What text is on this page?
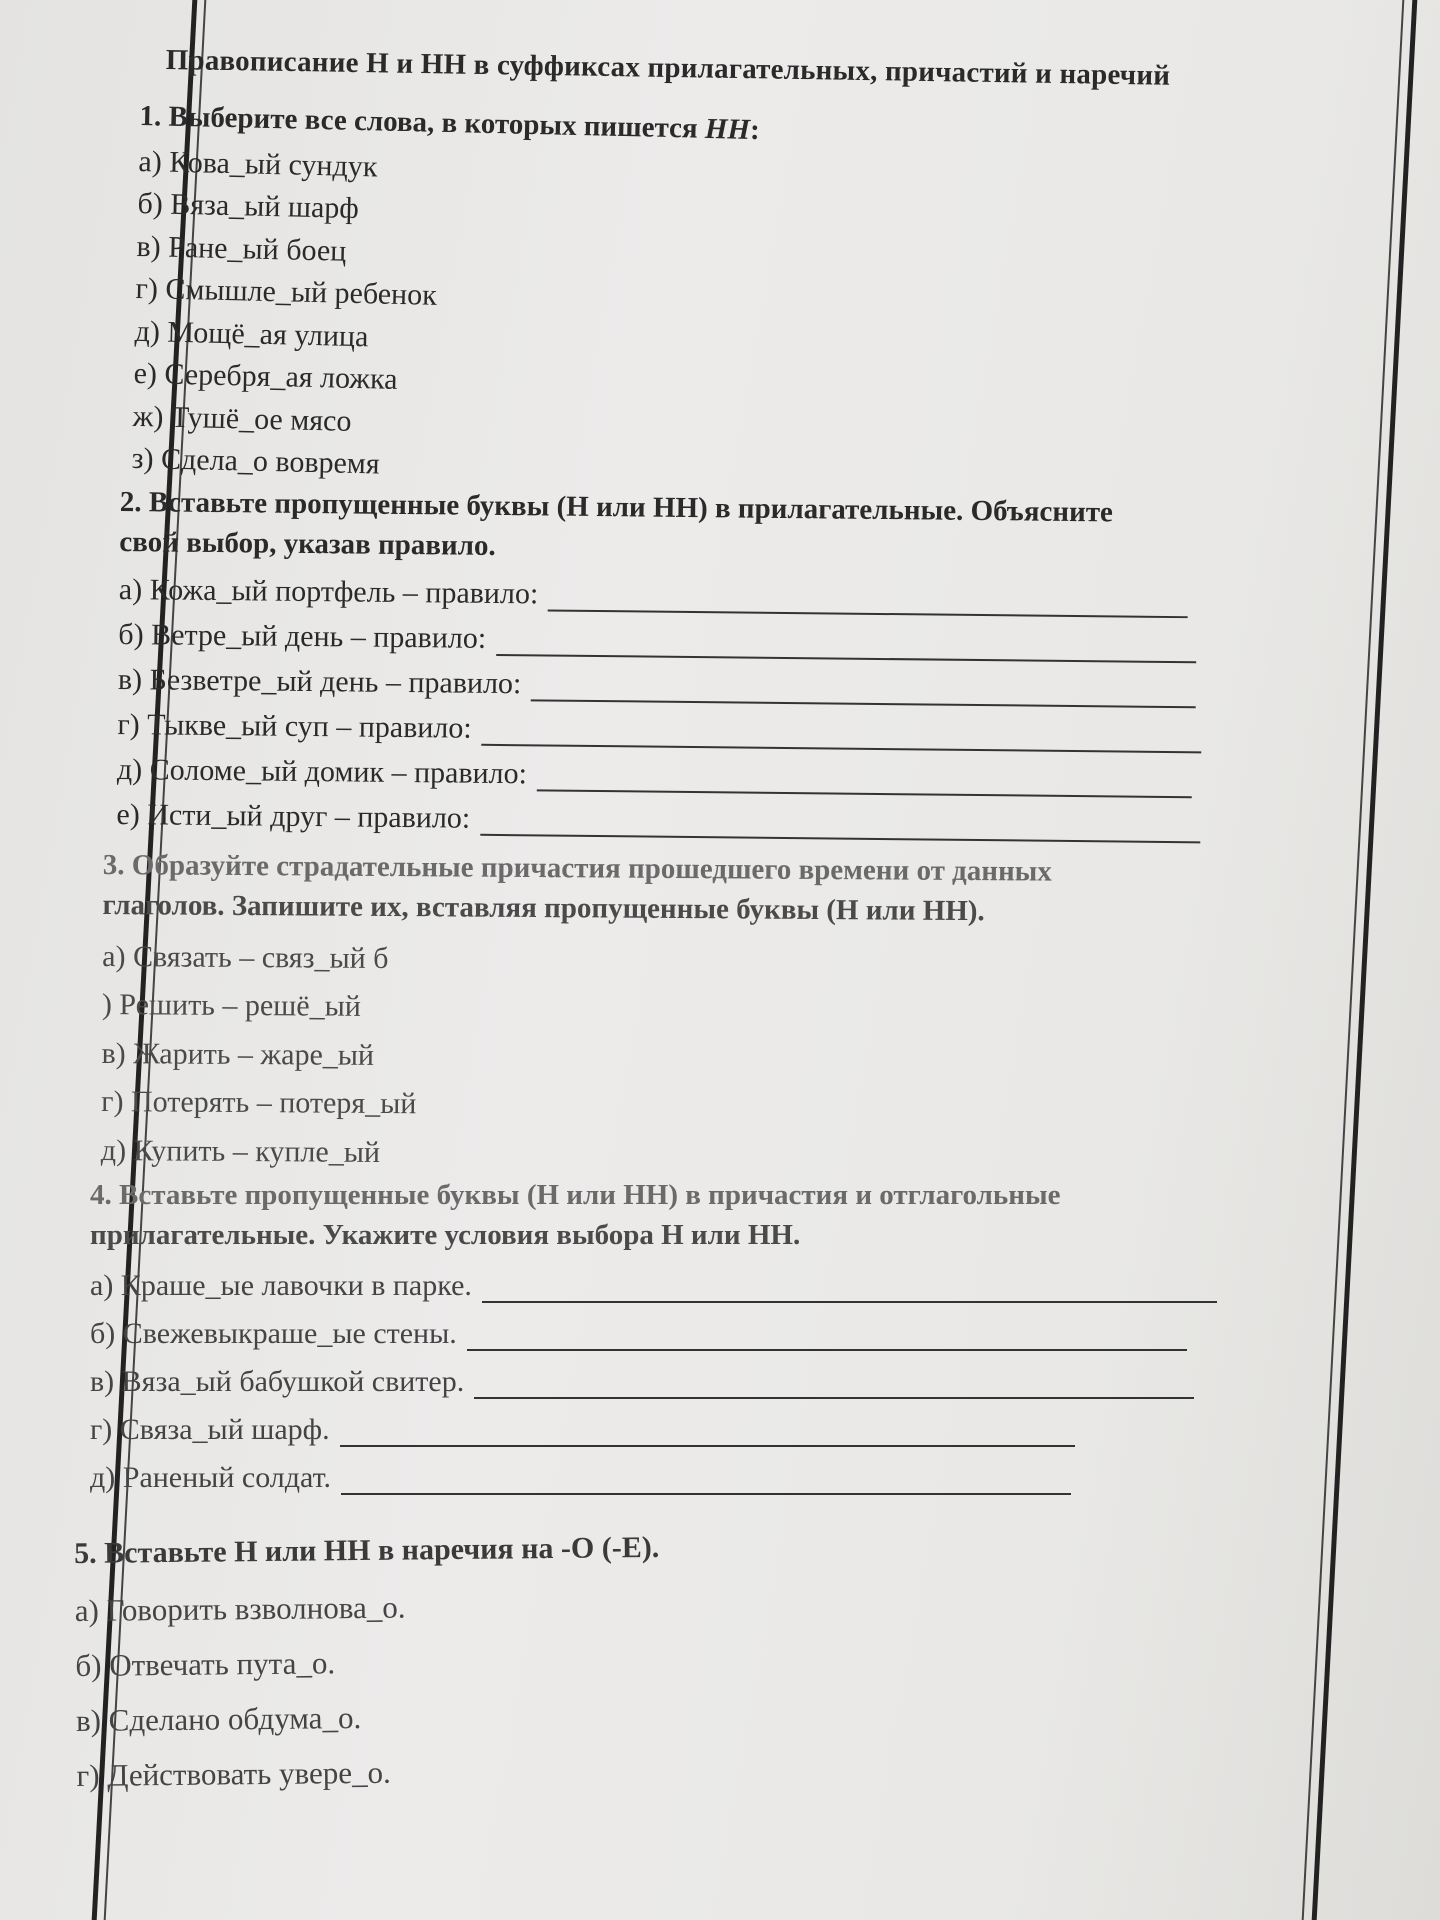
Правописание Н и НН в суффиксах прилагательных, причастий и наречий
1. Выберите все слова, в которых пишется НН:
а) Кова_ый сундук
б) Вяза_ый шарф
в) Ране_ый боец
г) Смышле_ый ребенок
д) Мощё_ая улица
е) Серебря_ая ложка
ж) Тушё_ое мясо
з) Сдела_о вовремя
2. Вставьте пропущенные буквы (Н или НН) в прилагательные. Объясните
свой выбор, указав правило.
а) Кожа_ый портфель – правило:
б) Ветре_ый день – правило:
в) Безветре_ый день – правило:
г) Тыкве_ый суп – правило:
д) Соломе_ый домик – правило:
е) Исти_ый друг – правило:
3. Образуйте страдательные причастия прошедшего времени от данных
глаголов. Запишите их, вставляя пропущенные буквы (Н или НН).
а) Связать – связ_ый б
) Решить – решё_ый
в) Жарить – жаре_ый
г) Потерять – потеря_ый
д) Купить – купле_ый
4. Вставьте пропущенные буквы (Н или НН) в причастия и отглагольные
прилагательные. Укажите условия выбора Н или НН.
а) Краше_ые лавочки в парке.
б) Свежевыкраше_ые стены.
в) Вяза_ый бабушкой свитер.
г) Связа_ый шарф.
д) Раненый солдат.
5. Вставьте Н или НН в наречия на -О (-Е).
а) Говорить взволнова_о.
б) Отвечать пута_о.
в) Сделано обдума_о.
г) Действовать увере_о.
